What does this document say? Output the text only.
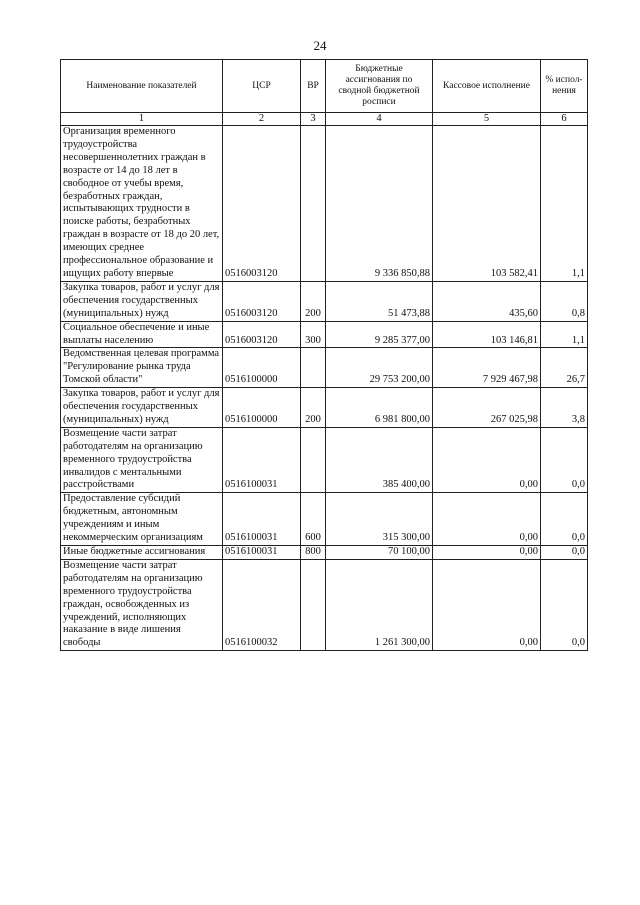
24
Наименование показателей	ЦСР	ВР	Бюджетные ассигнования по сводной бюджетной росписи	Кассовое исполнение	% испол-нения
1	2	3	4	5	6
Организация временного трудоустройства несовершеннолетних граждан в возрасте от 14 до 18 лет в свободное от учебы время, безработных граждан, испытывающих трудности в поиске работы, безработных граждан в возрасте от 18 до 20 лет, имеющих среднее профессиональное образование и ищущих работу впервые	0516003120		9 336 850,88	103 582,41	1,1
Закупка товаров, работ и услуг для обеспечения государственных (муниципальных) нужд	0516003120	200	51 473,88	435,60	0,8
Социальное обеспечение и иные выплаты населению	0516003120	300	9 285 377,00	103 146,81	1,1
Ведомственная целевая программа "Регулирование рынка труда Томской области"	0516100000		29 753 200,00	7 929 467,98	26,7
Закупка товаров, работ и услуг для обеспечения государственных (муниципальных) нужд	0516100000	200	6 981 800,00	267 025,98	3,8
Возмещение части затрат работодателям на организацию временного трудоустройства инвалидов с ментальными расстройствами	0516100031		385 400,00	0,00	0,0
Предоставление субсидий бюджетным, автономным учреждениям и иным некоммерческим организациям	0516100031	600	315 300,00	0,00	0,0
Иные бюджетные ассигнования	0516100031	800	70 100,00	0,00	0,0
Возмещение части затрат работодателям на организацию временного трудоустройства граждан, освобожденных из учреждений, исполняющих наказание в виде лишения свободы	0516100032		1 261 300,00	0,00	0,0
